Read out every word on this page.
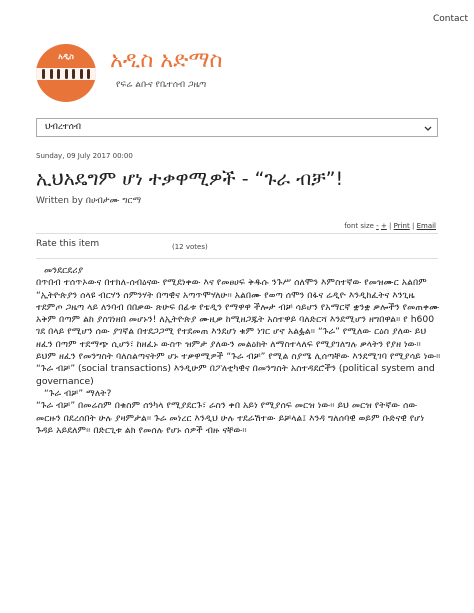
Contact
አዲስ	አዲስ አድማስ
የፍሬ ልቡና የቤተሰብ ጋዜጣ
ህብረተሰብ
Sunday, 09 July 2017 00:00
ኢህአዴግም ሆነ ተቃዋሚዎች - “ጉራ ብቻ”!
Written by በሀብታሙ ግርማ
font size - + | Print | Email
Rate this item	(12 votes)

መንደርደሪያ

በጥበብ ተሰጥኦውና በተክለ-ሰብዕናው የሚደነቀው እና የመፀሀፍ ቅዱሱ ንጉሥ ሰለሞን እምስተኛው የመዝሙር አልበም “ኢትዮጵያን ሰላዩ ብርሃን ሰምንሃት በጣዊና አጣጥሞሃለሁ፡፡ አልበሙ የወጣ ሰሞን በፋና ሬዲዮ እንዲከፈትና እንጊዜ ተደምጦ ጋዜጣ ላይ ለንባብ በበቃው ጽሁፍ በፊቱ የቴዲን የማዋዋ ችሎታ ብቻ ሳይሆን የአማርኛ ቋንቋ ቃሎችን የመጠቀሙ አቅም በጣም ልከ ያስገነዘበ መሆኑን! ለኢትዮጵያ ሙዚቃ ከሚዘጋጁት አስተዋይ ባለድርሻ እንደሚሆን ዘግበዋል። የ h600 ገደ በላይ የሚሆን ሰው ያገኛል በተደጋጋሚ የተደመጠ እንደሆነ ቁም ነገር ሆኖ አልፏል። “ጉራ” የሚለው ርዕስ ያለው ይህ ዘፈን በጣም ተደማጭ ሲሆን፣ ከዘፈኑ ውስጥ ዝምታ ያለውን መልዕክት ለማስተላለፍ የሚያገለግሉ ቃላትን የያዘ ነው። ይህም ዘፈን የመንግስት ባለስልጣናትም ሆኑ ተቃዋሚዎች “ጉራ ብቻ” የሚል ስያሜ ሊሰጣቸው እንደሚገባ የሚያሳይ ነው። “ጉራ ብቻ” (social transactions) እንዲሁም በፖለቲካዊና በመንግስት አስተዳደሮችን (political system and governance)

“ጉራ ብቻ” ማለት?

“ጉራ ብቻ” በመሬስም በቁስም ሰንካላ የሚያደርጉ፣ ራስን ቀበ አይነ የሚያሰፍ መርዝ ነው፡፡ ይህ መርዝ የትኛው ሰው መርዙን በደረሰበት ሁሉ ያዛምታል፡፡ ጉራ መነረር እንዲህ ሁሉ ተደራሽተው ይቻላል፤ እንዳ ግለሰባዊ ወይም ቡድናዊ የሆነ ጉዳይ አይደለም፡፡ በድርጊቱ ልክ የመሰሉ የሆኑ ሰዎች ብዙ ናቸው።
